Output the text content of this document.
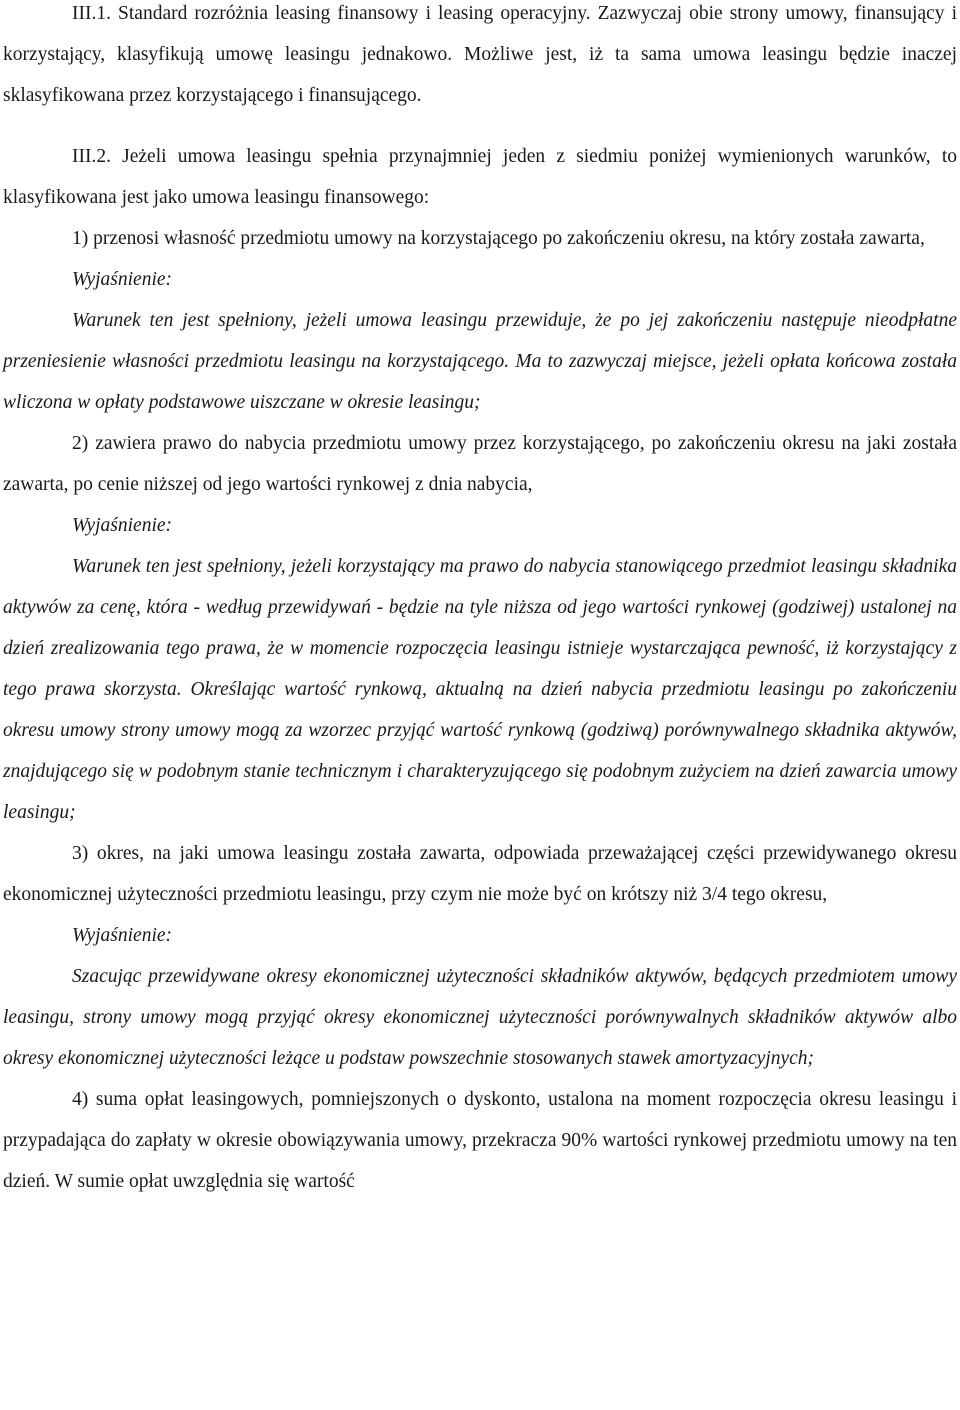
III.1. Standard rozróżnia leasing finansowy i leasing operacyjny. Zazwyczaj obie strony umowy, finansujący i korzystający, klasyfikują umowę leasingu jednakowo. Możliwe jest, iż ta sama umowa leasingu będzie inaczej sklasyfikowana przez korzystającego i finansującego.

III.2. Jeżeli umowa leasingu spełnia przynajmniej jeden z siedmiu poniżej wymienionych warunków, to klasyfikowana jest jako umowa leasingu finansowego:

1) przenosi własność przedmiotu umowy na korzystającego po zakończeniu okresu, na który została zawarta,

Wyjaśnienie:

Warunek ten jest spełniony, jeżeli umowa leasingu przewiduje, że po jej zakończeniu następuje nieodpłatne przeniesienie własności przedmiotu leasingu na korzystającego. Ma to zazwyczaj miejsce, jeżeli opłata końcowa została wliczona w opłaty podstawowe uiszczane w okresie leasingu;

2) zawiera prawo do nabycia przedmiotu umowy przez korzystającego, po zakończeniu okresu na jaki została zawarta, po cenie niższej od jego wartości rynkowej z dnia nabycia,

Wyjaśnienie:

Warunek ten jest spełniony, jeżeli korzystający ma prawo do nabycia stanowiącego przedmiot leasingu składnika aktywów za cenę, która - według przewidywań - będzie na tyle niższa od jego wartości rynkowej (godziwej) ustalonej na dzień zrealizowania tego prawa, że w momencie rozpoczęcia leasingu istnieje wystarczająca pewność, iż korzystający z tego prawa skorzysta. Określając wartość rynkową, aktualną na dzień nabycia przedmiotu leasingu po zakończeniu okresu umowy strony umowy mogą za wzorzec przyjąć wartość rynkową (godziwą) porównywalnego składnika aktywów, znajdującego się w podobnym stanie technicznym i charakteryzującego się podobnym zużyciem na dzień zawarcia umowy leasingu;

3) okres, na jaki umowa leasingu została zawarta, odpowiada przeważającej części przewidywanego okresu ekonomicznej użyteczności przedmiotu leasingu, przy czym nie może być on krótszy niż 3/4 tego okresu,

Wyjaśnienie:

Szacując przewidywane okresy ekonomicznej użyteczności składników aktywów, będących przedmiotem umowy leasingu, strony umowy mogą przyjąć okresy ekonomicznej użyteczności porównywalnych składników aktywów albo okresy ekonomicznej użyteczności leżące u podstaw powszechnie stosowanych stawek amortyzacyjnych;

4) suma opłat leasingowych, pomniejszonych o dyskonto, ustalona na moment rozpoczęcia okresu leasingu i przypadająca do zapłaty w okresie obowiązywania umowy, przekracza 90% wartości rynkowej przedmiotu umowy na ten dzień. W sumie opłat uwzględnia się wartość
